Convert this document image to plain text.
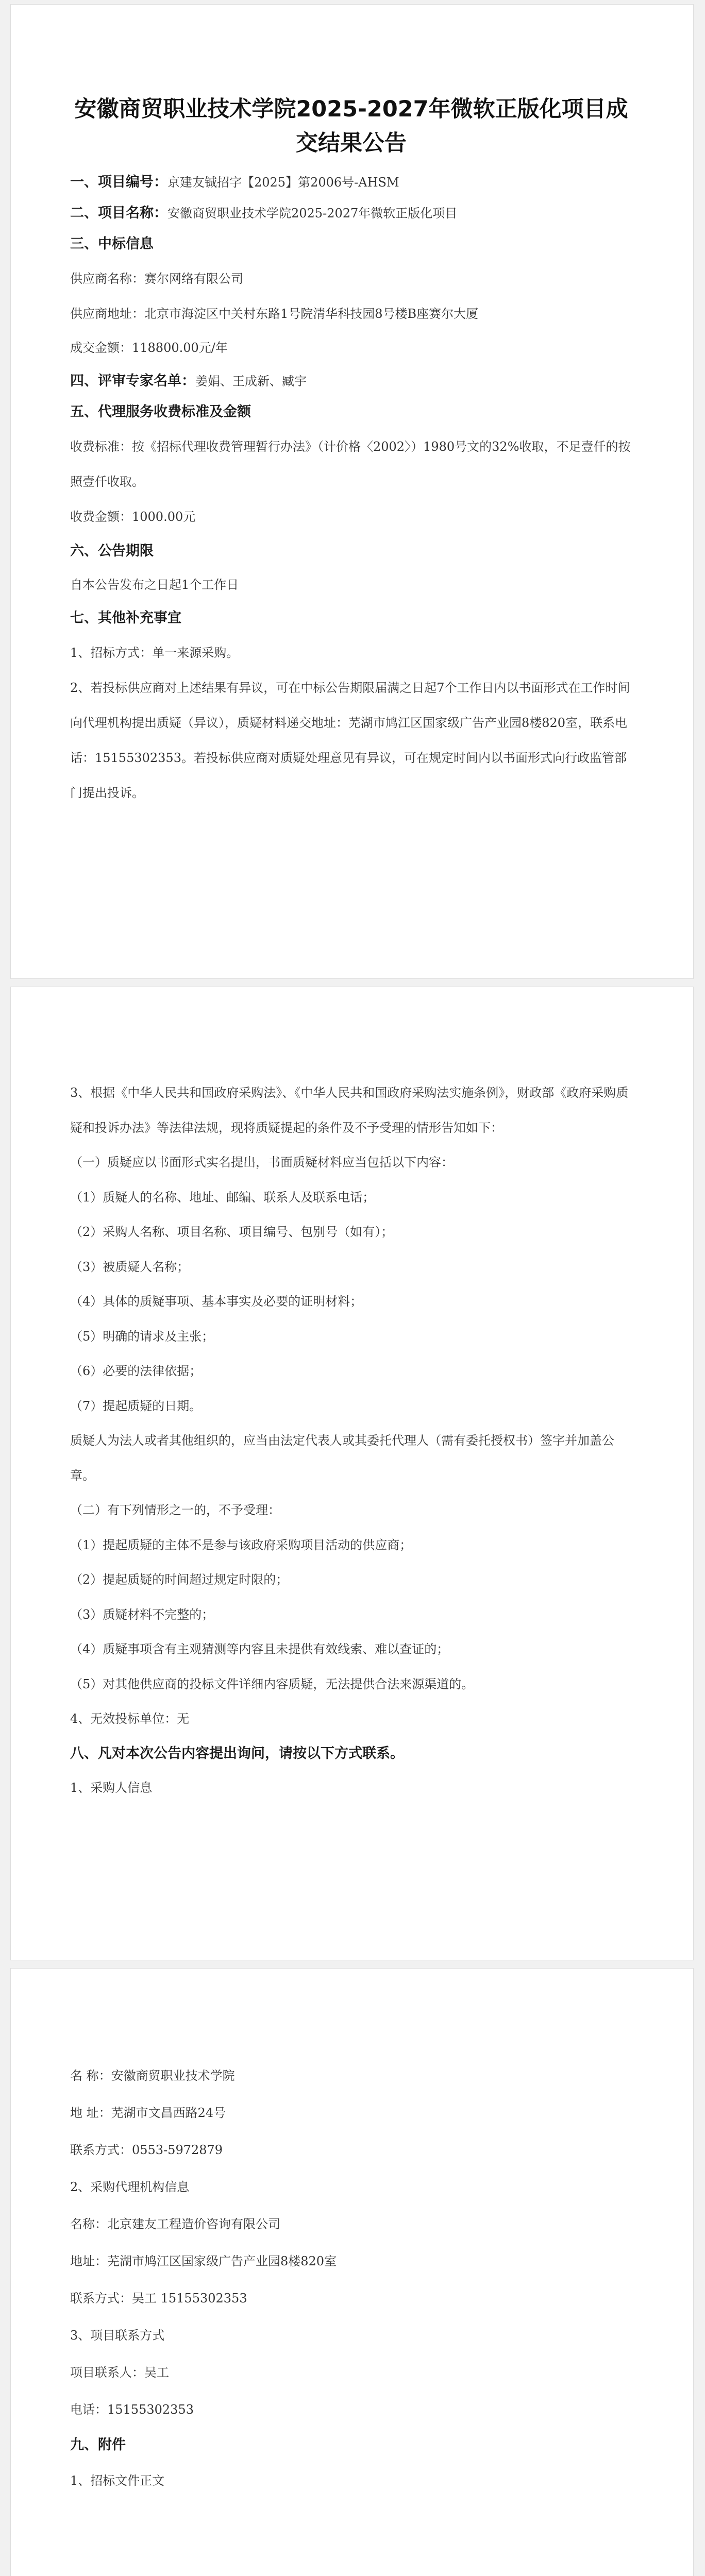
安徽商贸职业技术学院2025-2027年微软正版化项目成交结果公告
一、项目编号：京建友铖招字【2025】第2006号-AHSM
二、项目名称：安徽商贸职业技术学院2025-2027年微软正版化项目
三、中标信息

供应商名称：赛尔网络有限公司

供应商地址：北京市海淀区中关村东路1号院清华科技园8号楼B座赛尔大厦

成交金额：118800.00元/年

四、评审专家名单：姜娟、王成新、臧宇
五、代理服务收费标准及金额

收费标准：按《招标代理收费管理暂行办法》（计价格〈2002〉）1980号文的32%收取，不足壹仟的按照壹仟收取。

收费金额：1000.00元

六、公告期限

自本公告发布之日起1个工作日

七、其他补充事宜

1、招标方式：单一来源采购。

2、若投标供应商对上述结果有异议，可在中标公告期限届满之日起7个工作日内以书面形式在工作时间向代理机构提出质疑（异议），质疑材料递交地址：芜湖市鸠江区国家级广告产业园8楼820室，联系电话：15155302353。若投标供应商对质疑处理意见有异议，可在规定时间内以书面形式向行政监管部门提出投诉。

3、根据《中华人民共和国政府采购法》、《中华人民共和国政府采购法实施条例》，财政部《政府采购质疑和投诉办法》等法律法规，现将质疑提起的条件及不予受理的情形告知如下：

（一）质疑应以书面形式实名提出，书面质疑材料应当包括以下内容：

（1）质疑人的名称、地址、邮编、联系人及联系电话；

（2）采购人名称、项目名称、项目编号、包别号（如有）；

（3）被质疑人名称；

（4）具体的质疑事项、基本事实及必要的证明材料；

（5）明确的请求及主张；

（6）必要的法律依据；

（7）提起质疑的日期。

质疑人为法人或者其他组织的，应当由法定代表人或其委托代理人（需有委托授权书）签字并加盖公章。

（二）有下列情形之一的，不予受理：

（1）提起质疑的主体不是参与该政府采购项目活动的供应商；

（2）提起质疑的时间超过规定时限的；

（3）质疑材料不完整的；

（4）质疑事项含有主观猜测等内容且未提供有效线索、难以查证的；

（5）对其他供应商的投标文件详细内容质疑，无法提供合法来源渠道的。

4、无效投标单位：无

八、凡对本次公告内容提出询问，请按以下方式联系。

1、采购人信息

名 称：安徽商贸职业技术学院

地 址：芜湖市文昌西路24号

联系方式：0553-5972879

2、采购代理机构信息

名称：北京建友工程造价咨询有限公司

地址：芜湖市鸠江区国家级广告产业园8楼820室

联系方式：吴工 15155302353

3、项目联系方式

项目联系人：吴工

电话：15155302353

九、附件

1、招标文件正文
